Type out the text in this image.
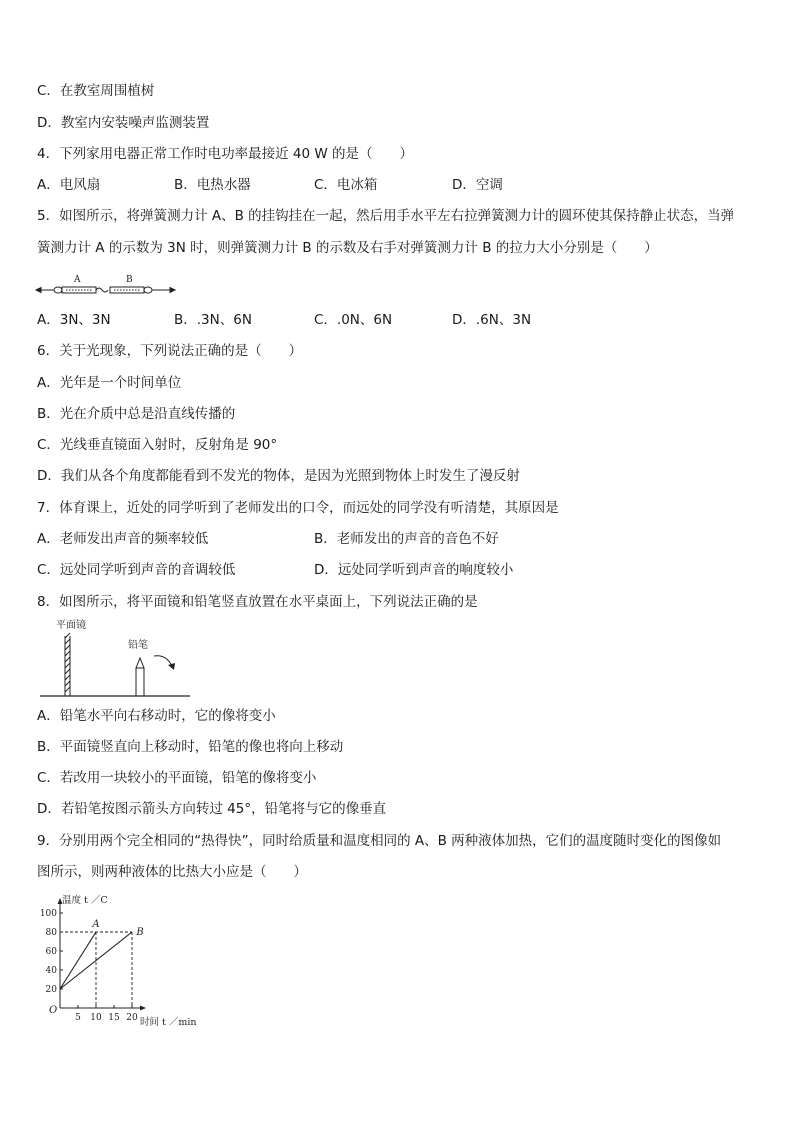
C．在教室周围植树
D．教室内安装噪声监测装置
4．下列家用电器正常工作时电功率最接近 40 W 的是（　　）
A．电风扇	B．电热水器	C．电冰箱	D．空调
5．如图所示，将弹簧测力计 A、B 的挂钩挂在一起，然后用手水平左右拉弹簧测力计的圆环使其保持静止状态，当弹
簧测力计 A 的示数为 3N 时，则弹簧测力计 B 的示数及右手对弹簧测力计 B 的拉力大小分别是（　　）
A	B
A．3N、3N	B．.3N、6N	C．.0N、6N	D．.6N、3N
6．关于光现象，下列说法正确的是（　　）
A．光年是一个时间单位
B．光在介质中总是沿直线传播的
C．光线垂直镜面入射时，反射角是 90°
D．我们从各个角度都能看到不发光的物体，是因为光照到物体上时发生了漫反射
7．体育课上，近处的同学听到了老师发出的口令，而远处的同学没有听清楚，其原因是
A．老师发出声音的频率较低	B．老师发出的声音的音色不好
C．远处同学听到声音的音调较低	D．远处同学听到声音的响度较小
8．如图所示，将平面镜和铅笔竖直放置在水平桌面上，下列说法正确的是
平面镜
铅笔
A．铅笔水平向右移动时，它的像将变小
B．平面镜竖直向上移动时，铅笔的像也将向上移动
C．若改用一块较小的平面镜，铅笔的像将变小
D．若铅笔按图示箭头方向转过 45°，铅笔将与它的像垂直
9．分别用两个完全相同的“热得快”，同时给质量和温度相同的 A、B 两种液体加热，它们的温度随时变化的图像如
图所示，则两种液体的比热大小应是（　　）
温度 t ／C
时间 t ／min
O
20
40
60
80
100
5 10 15 20
A
B
